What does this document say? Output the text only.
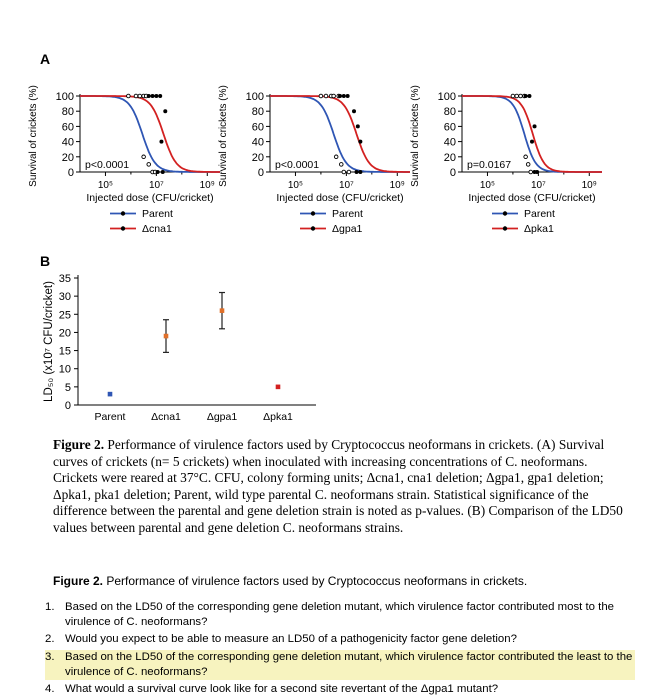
A
B
Survival of crickets (%) 100
80
60
40
20
0
10⁵	10⁷	10⁹
Injected dose (CFU/cricket)
p<0.0001
Parent
Δcna1
Survival of crickets (%) 100
80
60
40
20
0
10⁵	10⁷	10⁹
Injected dose (CFU/cricket)
p<0.0001
Parent
Δgpa1
Survival of crickets (%) 100
80
60
40
20
0
10⁵	10⁷	10⁹
Injected dose (CFU/cricket)
p=0.0167
Parent
Δpka1
LD₅₀ (x10⁷ CFU/cricket)
0
5
10
15
20
25
30
35
Parent Δcna1 Δgpa1 Δpka1
Figure 2. Performance of virulence factors used by Cryptococcus neoformans in crickets. (A) Survival curves of crickets (n= 5 crickets) when inoculated with increasing concentrations of C. neoformans. Crickets were reared at 37°C. CFU, colony forming units; Δcna1, cna1 deletion; Δgpa1, gpa1 deletion; Δpka1, pka1 deletion; Parent, wild type parental C. neoformans strain. Statistical significance of the difference between the parental and gene deletion strain is noted as p-values. (B) Comparison of the LD50 values between parental and gene deletion C. neoformans strains.
Figure 2. Performance of virulence factors used by Cryptococcus neoformans in crickets.
1. Based on the LD50 of the corresponding gene deletion mutant, which virulence factor contributed most to the virulence of C. neoformans?
2. Would you expect to be able to measure an LD50 of a pathogenicity factor gene deletion?
3. Based on the LD50 of the corresponding gene deletion mutant, which virulence factor contributed the least to the virulence of C. neoformans?
4. What would a survival curve look like for a second site revertant of the Δgpa1 mutant?
